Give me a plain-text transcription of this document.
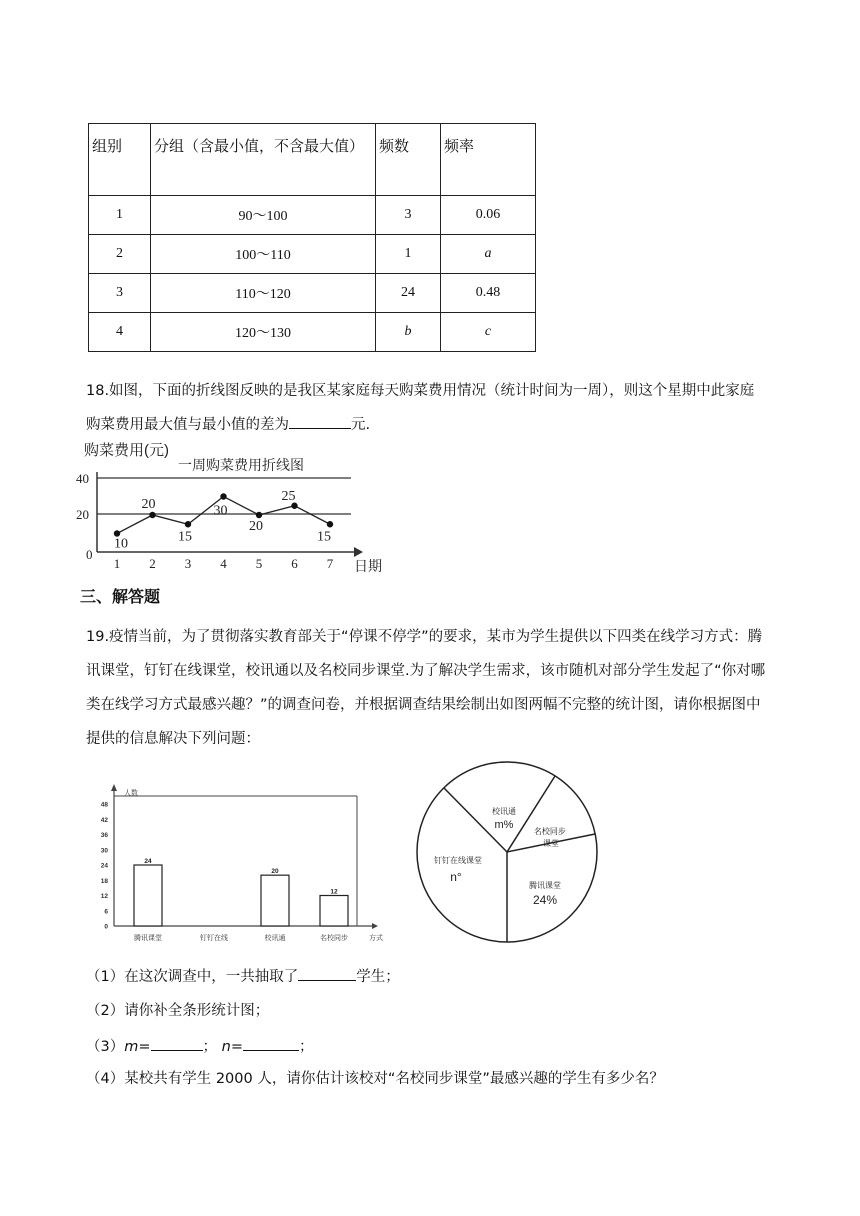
组别	分组（含最小值，不含最大值）	频数	频率
1	90～100	3	0.06
2	100～110	1	a
3	110～120	24	0.48
4	120～130	b	c
18.如图，下面的折线图反映的是我区某家庭每天购菜费用情况（统计时间为一周），则这个星期中此家庭
购菜费用最大值与最小值的差为	元.
购菜费用(元)
一周购菜费用折线图
0
40
20
日期
10
1
20
2
15
3
30
4
20
5
25
6
15
7
三、解答题
19.疫情当前，为了贯彻落实教育部关于“停课不停学”的要求，某市为学生提供以下四类在线学习方式：腾
讯课堂，钉钉在线课堂，校讯通以及名校同步课堂.为了解决学生需求，该市随机对部分学生发起了“你对哪
类在线学习方式最感兴趣？”的调查问卷，并根据调查结果绘制出如图两幅不完整的统计图，请你根据图中
提供的信息解决下列问题：
人数
方式
0
6
12
18
24
30
36
42
48
24
腾讯课堂	钉钉在线
20
校讯通
12
名校同步
校讯通
m%
名校同步 课堂
钉钉在线课堂
n°
腾讯课堂
24%
（1）在这次调查中，一共抽取了	学生；
（2）请你补全条形统计图；
（3）m=	； n=	；
（4）某校共有学生 2000 人，请你估计该校对“名校同步课堂”最感兴趣的学生有多少名？
